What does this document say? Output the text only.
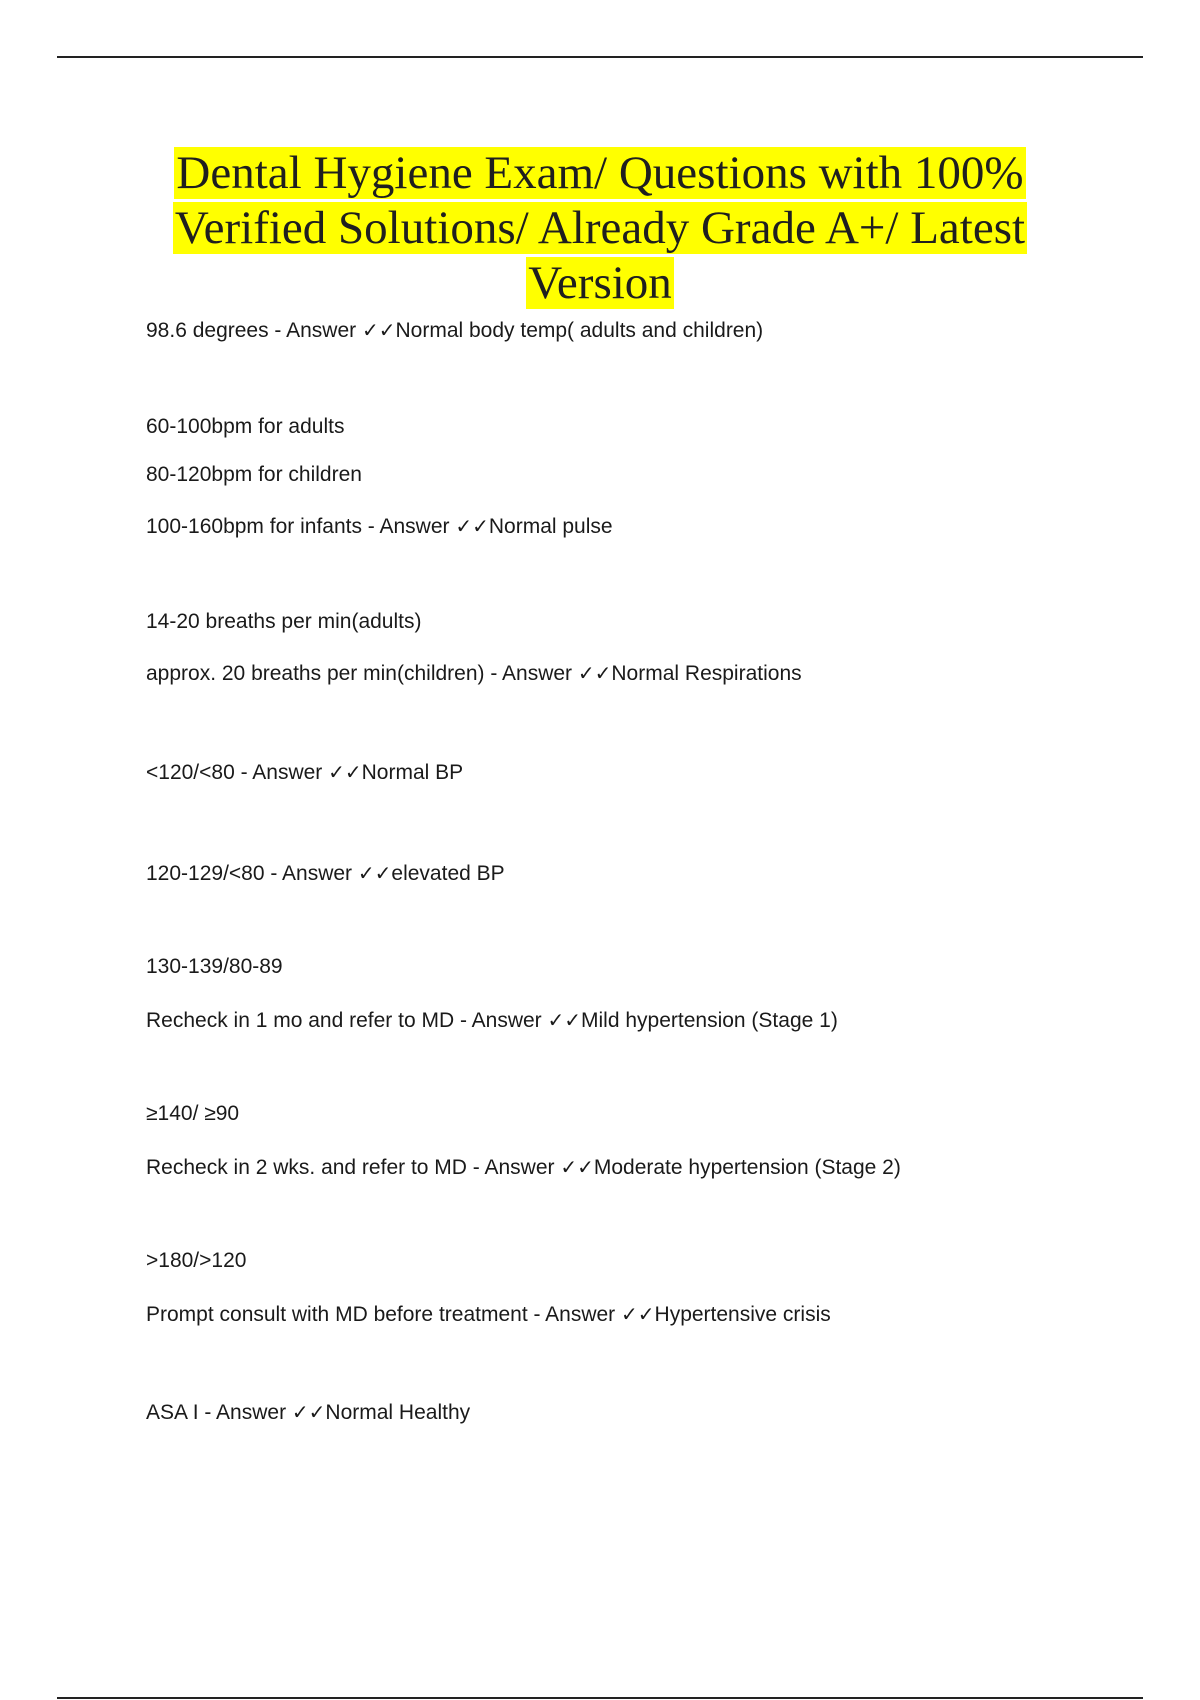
Dental Hygiene Exam/ Questions with 100% Verified Solutions/ Already Grade A+/ Latest Version
98.6 degrees - Answer ✓✓Normal body temp( adults and children)
60-100bpm for adults
80-120bpm for children
100-160bpm for infants - Answer ✓✓Normal pulse
14-20 breaths per min(adults)
approx. 20 breaths per min(children) - Answer ✓✓Normal Respirations
<120/<80 - Answer ✓✓Normal BP
120-129/<80 - Answer ✓✓elevated BP
130-139/80-89
Recheck in 1 mo and refer to MD - Answer ✓✓Mild hypertension (Stage 1)
≥140/ ≥90
Recheck in 2 wks. and refer to MD - Answer ✓✓Moderate hypertension (Stage 2)
>180/>120
Prompt consult with MD before treatment - Answer ✓✓Hypertensive crisis
ASA I - Answer ✓✓Normal Healthy
